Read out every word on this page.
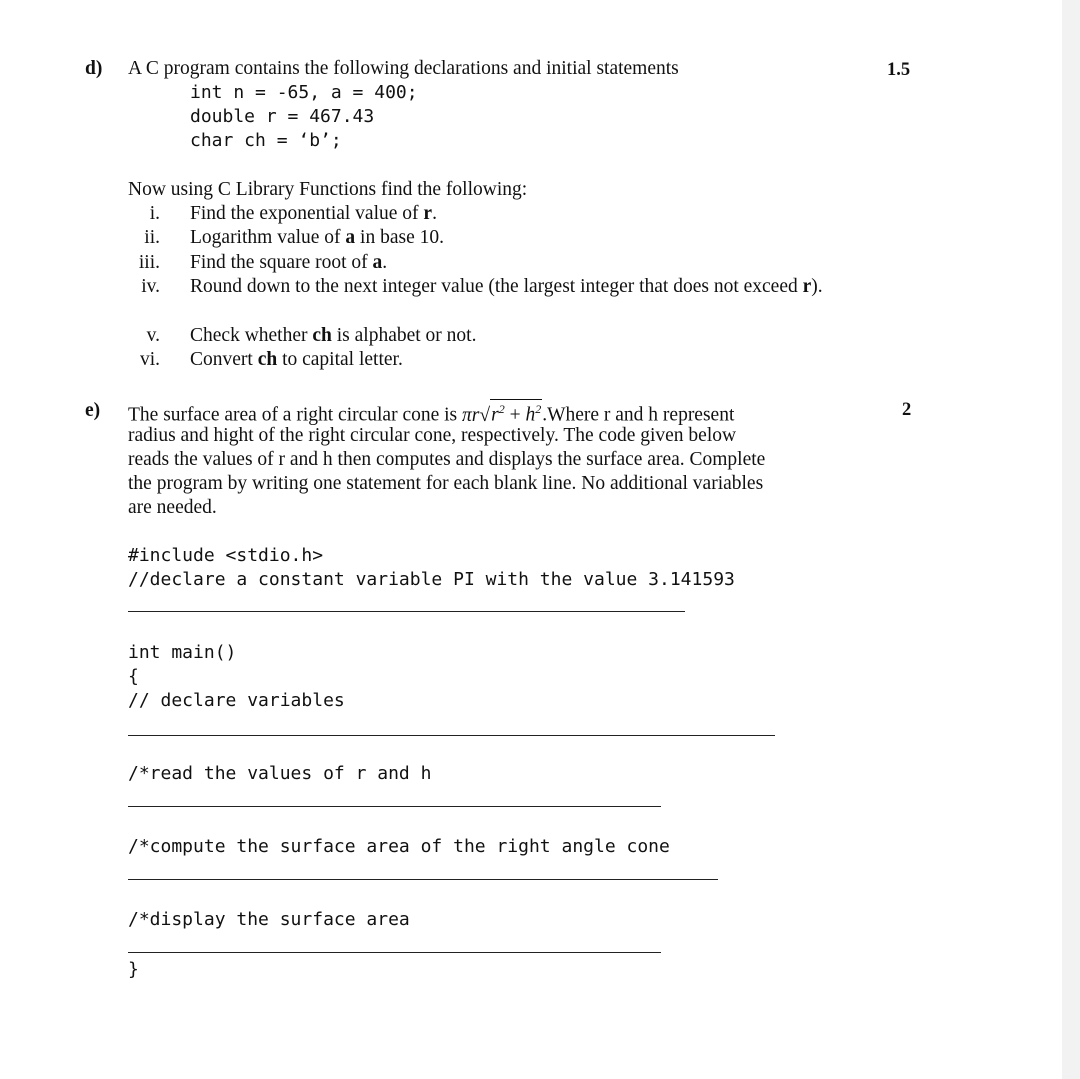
d) A C program contains the following declarations and initial statements	1.5
int n = -65, a = 400;
double r = 467.43
char ch = ‘b’;
Now using C Library Functions find the following:
i. Find the exponential value of r.
ii. Logarithm value of a in base 10.
iii. Find the square root of a.
iv. Round down to the next integer value (the largest integer that does not exceed r).
v. Check whether ch is alphabet or not.
vi. Convert ch to capital letter.
e)	2
The surface area of a right circular cone is $\pi r√r^2$ + $h^2.Where$ r and h represent
radius and hight of the right circular cone, respectively. The code given below
reads the values of r and h then computes and displays the surface area. Complete
the program by writing one statement for each blank line. No additional variables
are needed.
#include <stdio.h>
//declare a constant variable PI with the value 3.141593
int main()
{
// declare variables
/*read the values of r and h
/*compute the surface area of the right angle cone
/*display the surface area
}
